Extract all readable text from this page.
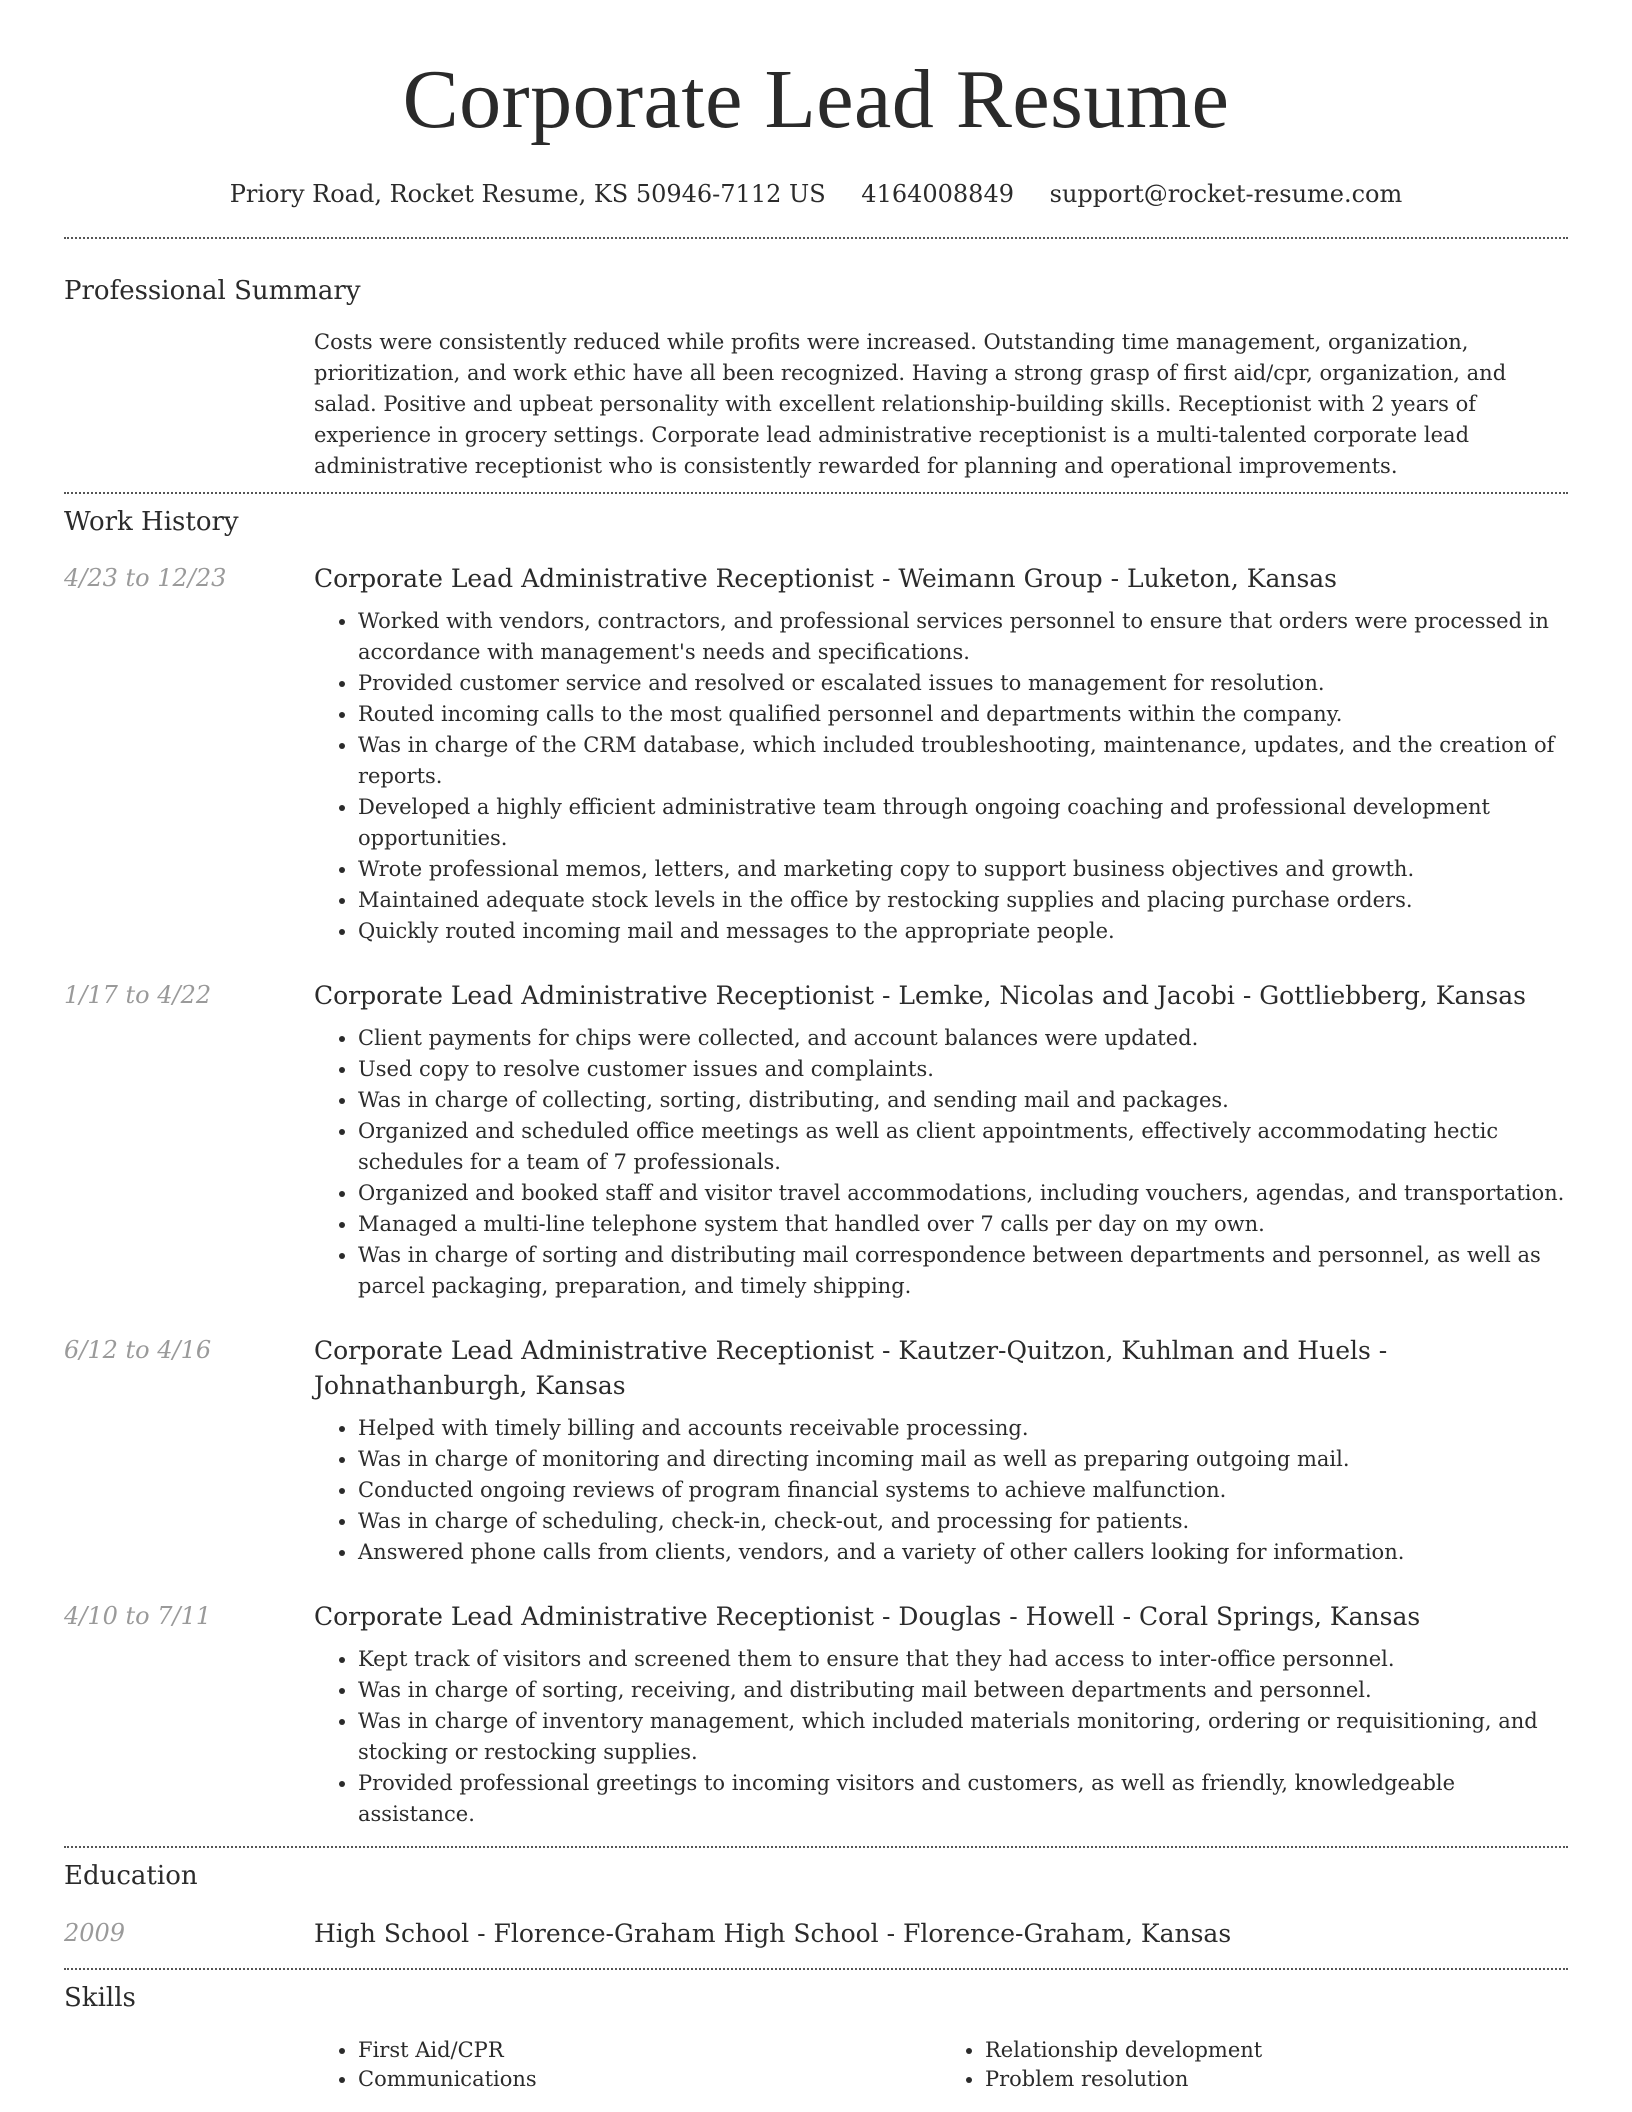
Corporate Lead Resume
Priory Road, Rocket Resume, KS 50946-7112 US 4164008849 support@rocket-resume.com
Professional Summary
Costs were consistently reduced while profits were increased. Outstanding time management, organization, prioritization, and work ethic have all been recognized. Having a strong grasp of first aid/cpr, organization, and salad. Positive and upbeat personality with excellent relationship-building skills. Receptionist with 2 years of experience in grocery settings. Corporate lead administrative receptionist is a multi-talented corporate lead administrative receptionist who is consistently rewarded for planning and operational improvements.
Work History
4/23 to 12/23	Corporate Lead Administrative Receptionist - Weimann Group - Luketon, Kansas
• Worked with vendors, contractors, and professional services personnel to ensure that orders were processed in accordance with management's needs and specifications.
• Provided customer service and resolved or escalated issues to management for resolution.
• Routed incoming calls to the most qualified personnel and departments within the company.
• Was in charge of the CRM database, which included troubleshooting, maintenance, updates, and the creation of reports.
• Developed a highly efficient administrative team through ongoing coaching and professional development opportunities.
• Wrote professional memos, letters, and marketing copy to support business objectives and growth.
• Maintained adequate stock levels in the office by restocking supplies and placing purchase orders.
• Quickly routed incoming mail and messages to the appropriate people.
1/17 to 4/22	Corporate Lead Administrative Receptionist - Lemke, Nicolas and Jacobi - Gottliebberg, Kansas
• Client payments for chips were collected, and account balances were updated.
• Used copy to resolve customer issues and complaints.
• Was in charge of collecting, sorting, distributing, and sending mail and packages.
• Organized and scheduled office meetings as well as client appointments, effectively accommodating hectic schedules for a team of 7 professionals.
• Organized and booked staff and visitor travel accommodations, including vouchers, agendas, and transportation.
• Managed a multi-line telephone system that handled over 7 calls per day on my own.
• Was in charge of sorting and distributing mail correspondence between departments and personnel, as well as parcel packaging, preparation, and timely shipping.
6/12 to 4/16	Corporate Lead Administrative Receptionist - Kautzer-Quitzon, Kuhlman and Huels - Johnathanburgh, Kansas
• Helped with timely billing and accounts receivable processing.
• Was in charge of monitoring and directing incoming mail as well as preparing outgoing mail.
• Conducted ongoing reviews of program financial systems to achieve malfunction.
• Was in charge of scheduling, check-in, check-out, and processing for patients.
• Answered phone calls from clients, vendors, and a variety of other callers looking for information.
4/10 to 7/11	Corporate Lead Administrative Receptionist - Douglas - Howell - Coral Springs, Kansas
• Kept track of visitors and screened them to ensure that they had access to inter-office personnel.
• Was in charge of sorting, receiving, and distributing mail between departments and personnel.
• Was in charge of inventory management, which included materials monitoring, ordering or requisitioning, and stocking or restocking supplies.
• Provided professional greetings to incoming visitors and customers, as well as friendly, knowledgeable assistance.
Education
2009	High School - Florence-Graham High School - Florence-Graham, Kansas
Skills
• First Aid/CPR
• Communications
• Relationship development
• Problem resolution
